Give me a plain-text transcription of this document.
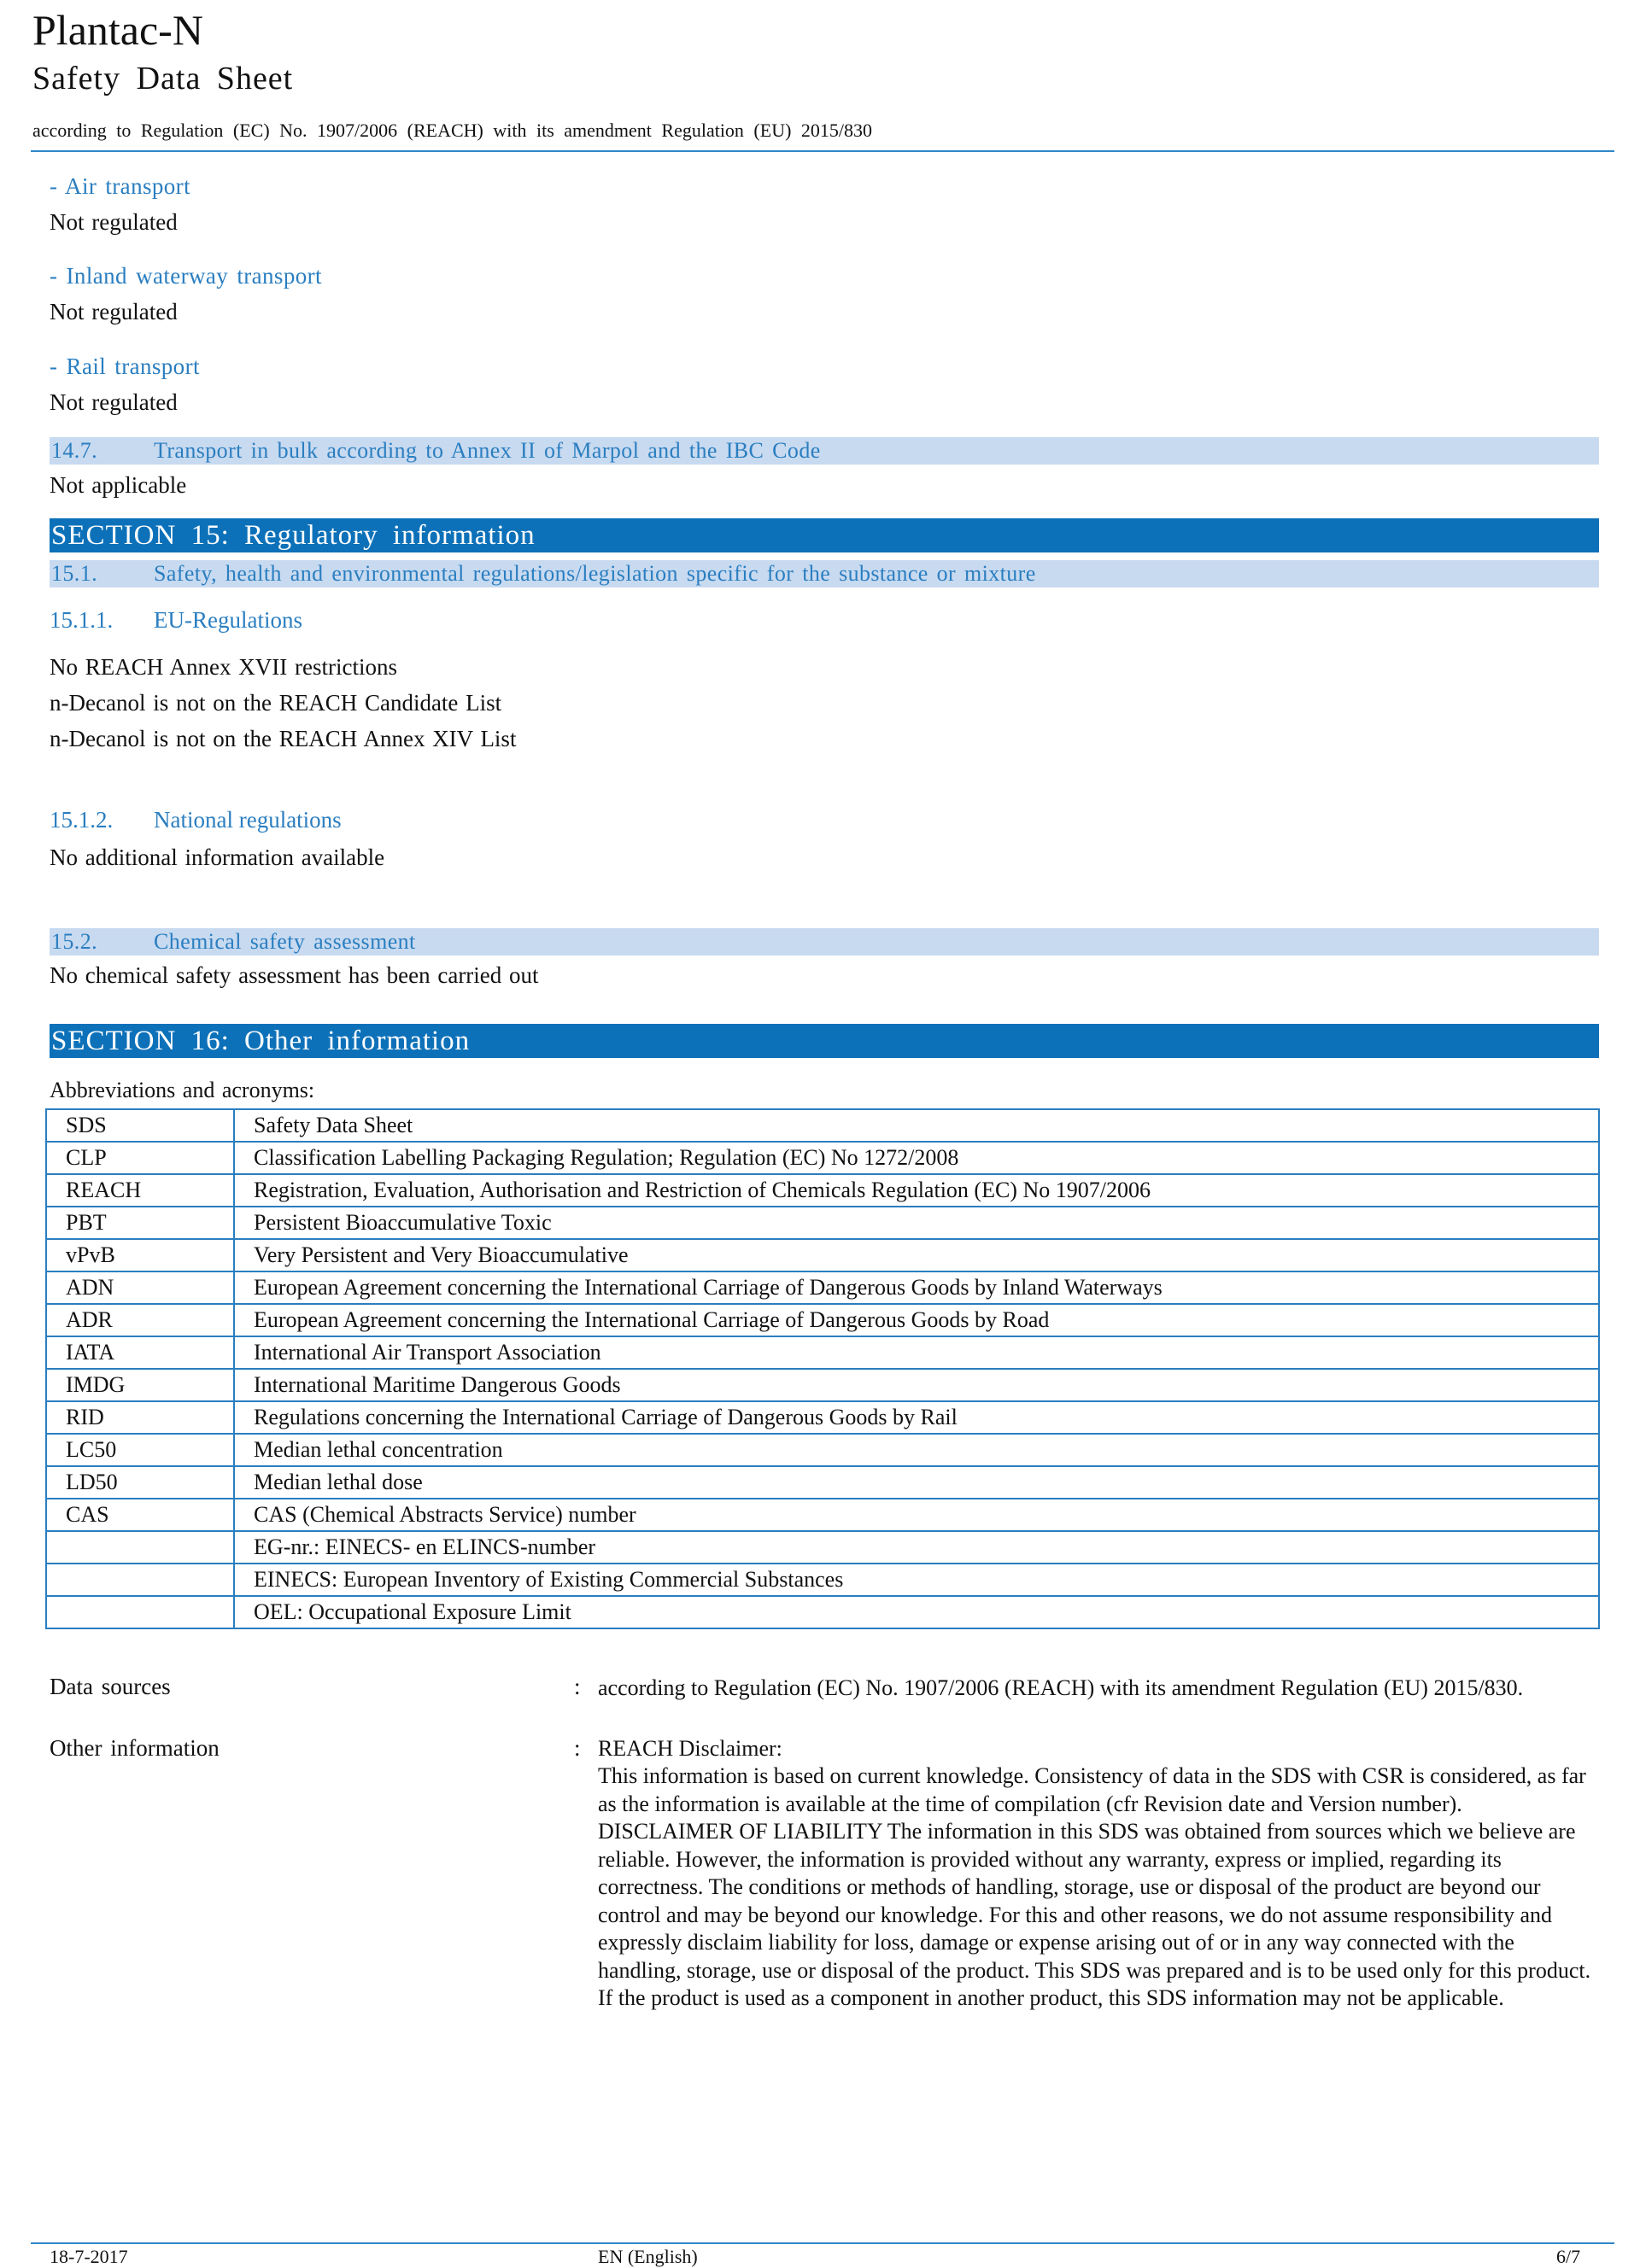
Plantac-N
Safety Data Sheet
according to Regulation (EC) No. 1907/2006 (REACH) with its amendment Regulation (EU) 2015/830
- Air transport
Not regulated
- Inland waterway transport
Not regulated
- Rail transport
Not regulated
14.7.	Transport in bulk according to Annex II of Marpol and the IBC Code
Not applicable
SECTION 15: Regulatory information
15.1.	Safety, health and environmental regulations/legislation specific for the substance or mixture
15.1.1. EU-Regulations
No REACH Annex XVII restrictions
n-Decanol is not on the REACH Candidate List
n-Decanol is not on the REACH Annex XIV List
15.1.2. National regulations
No additional information available
15.2.	Chemical safety assessment
No chemical safety assessment has been carried out
SECTION 16: Other information
Abbreviations and acronyms:
SDS	Safety Data Sheet
CLP	Classification Labelling Packaging Regulation; Regulation (EC) No 1272/2008
REACH	Registration, Evaluation, Authorisation and Restriction of Chemicals Regulation (EC) No 1907/2006
PBT	Persistent Bioaccumulative Toxic
vPvB	Very Persistent and Very Bioaccumulative
ADN	European Agreement concerning the International Carriage of Dangerous Goods by Inland Waterways
ADR	European Agreement concerning the International Carriage of Dangerous Goods by Road
IATA	International Air Transport Association
IMDG	International Maritime Dangerous Goods
RID	Regulations concerning the International Carriage of Dangerous Goods by Rail
LC50	Median lethal concentration
LD50	Median lethal dose
CAS	CAS (Chemical Abstracts Service) number
	EG-nr.: EINECS- en ELINCS-number
	EINECS: European Inventory of Existing Commercial Substances
	OEL: Occupational Exposure Limit
Data sources	: according to Regulation (EC) No. 1907/2006 (REACH) with its amendment Regulation (EU) 2015/830.
Other information	: REACH Disclaimer:
This information is based on current knowledge. Consistency of data in the SDS with CSR is considered, as far as the information is available at the time of compilation (cfr Revision date and Version number). DISCLAIMER OF LIABILITY The information in this SDS was obtained from sources which we believe are reliable. However, the information is provided without any warranty, express or implied, regarding its correctness. The conditions or methods of handling, storage, use or disposal of the product are beyond our control and may be beyond our knowledge. For this and other reasons, we do not assume responsibility and expressly disclaim liability for loss, damage or expense arising out of or in any way connected with the handling, storage, use or disposal of the product. This SDS was prepared and is to be used only for this product. If the product is used as a component in another product, this SDS information may not be applicable.
18-7-2017	EN (English)	6/7
